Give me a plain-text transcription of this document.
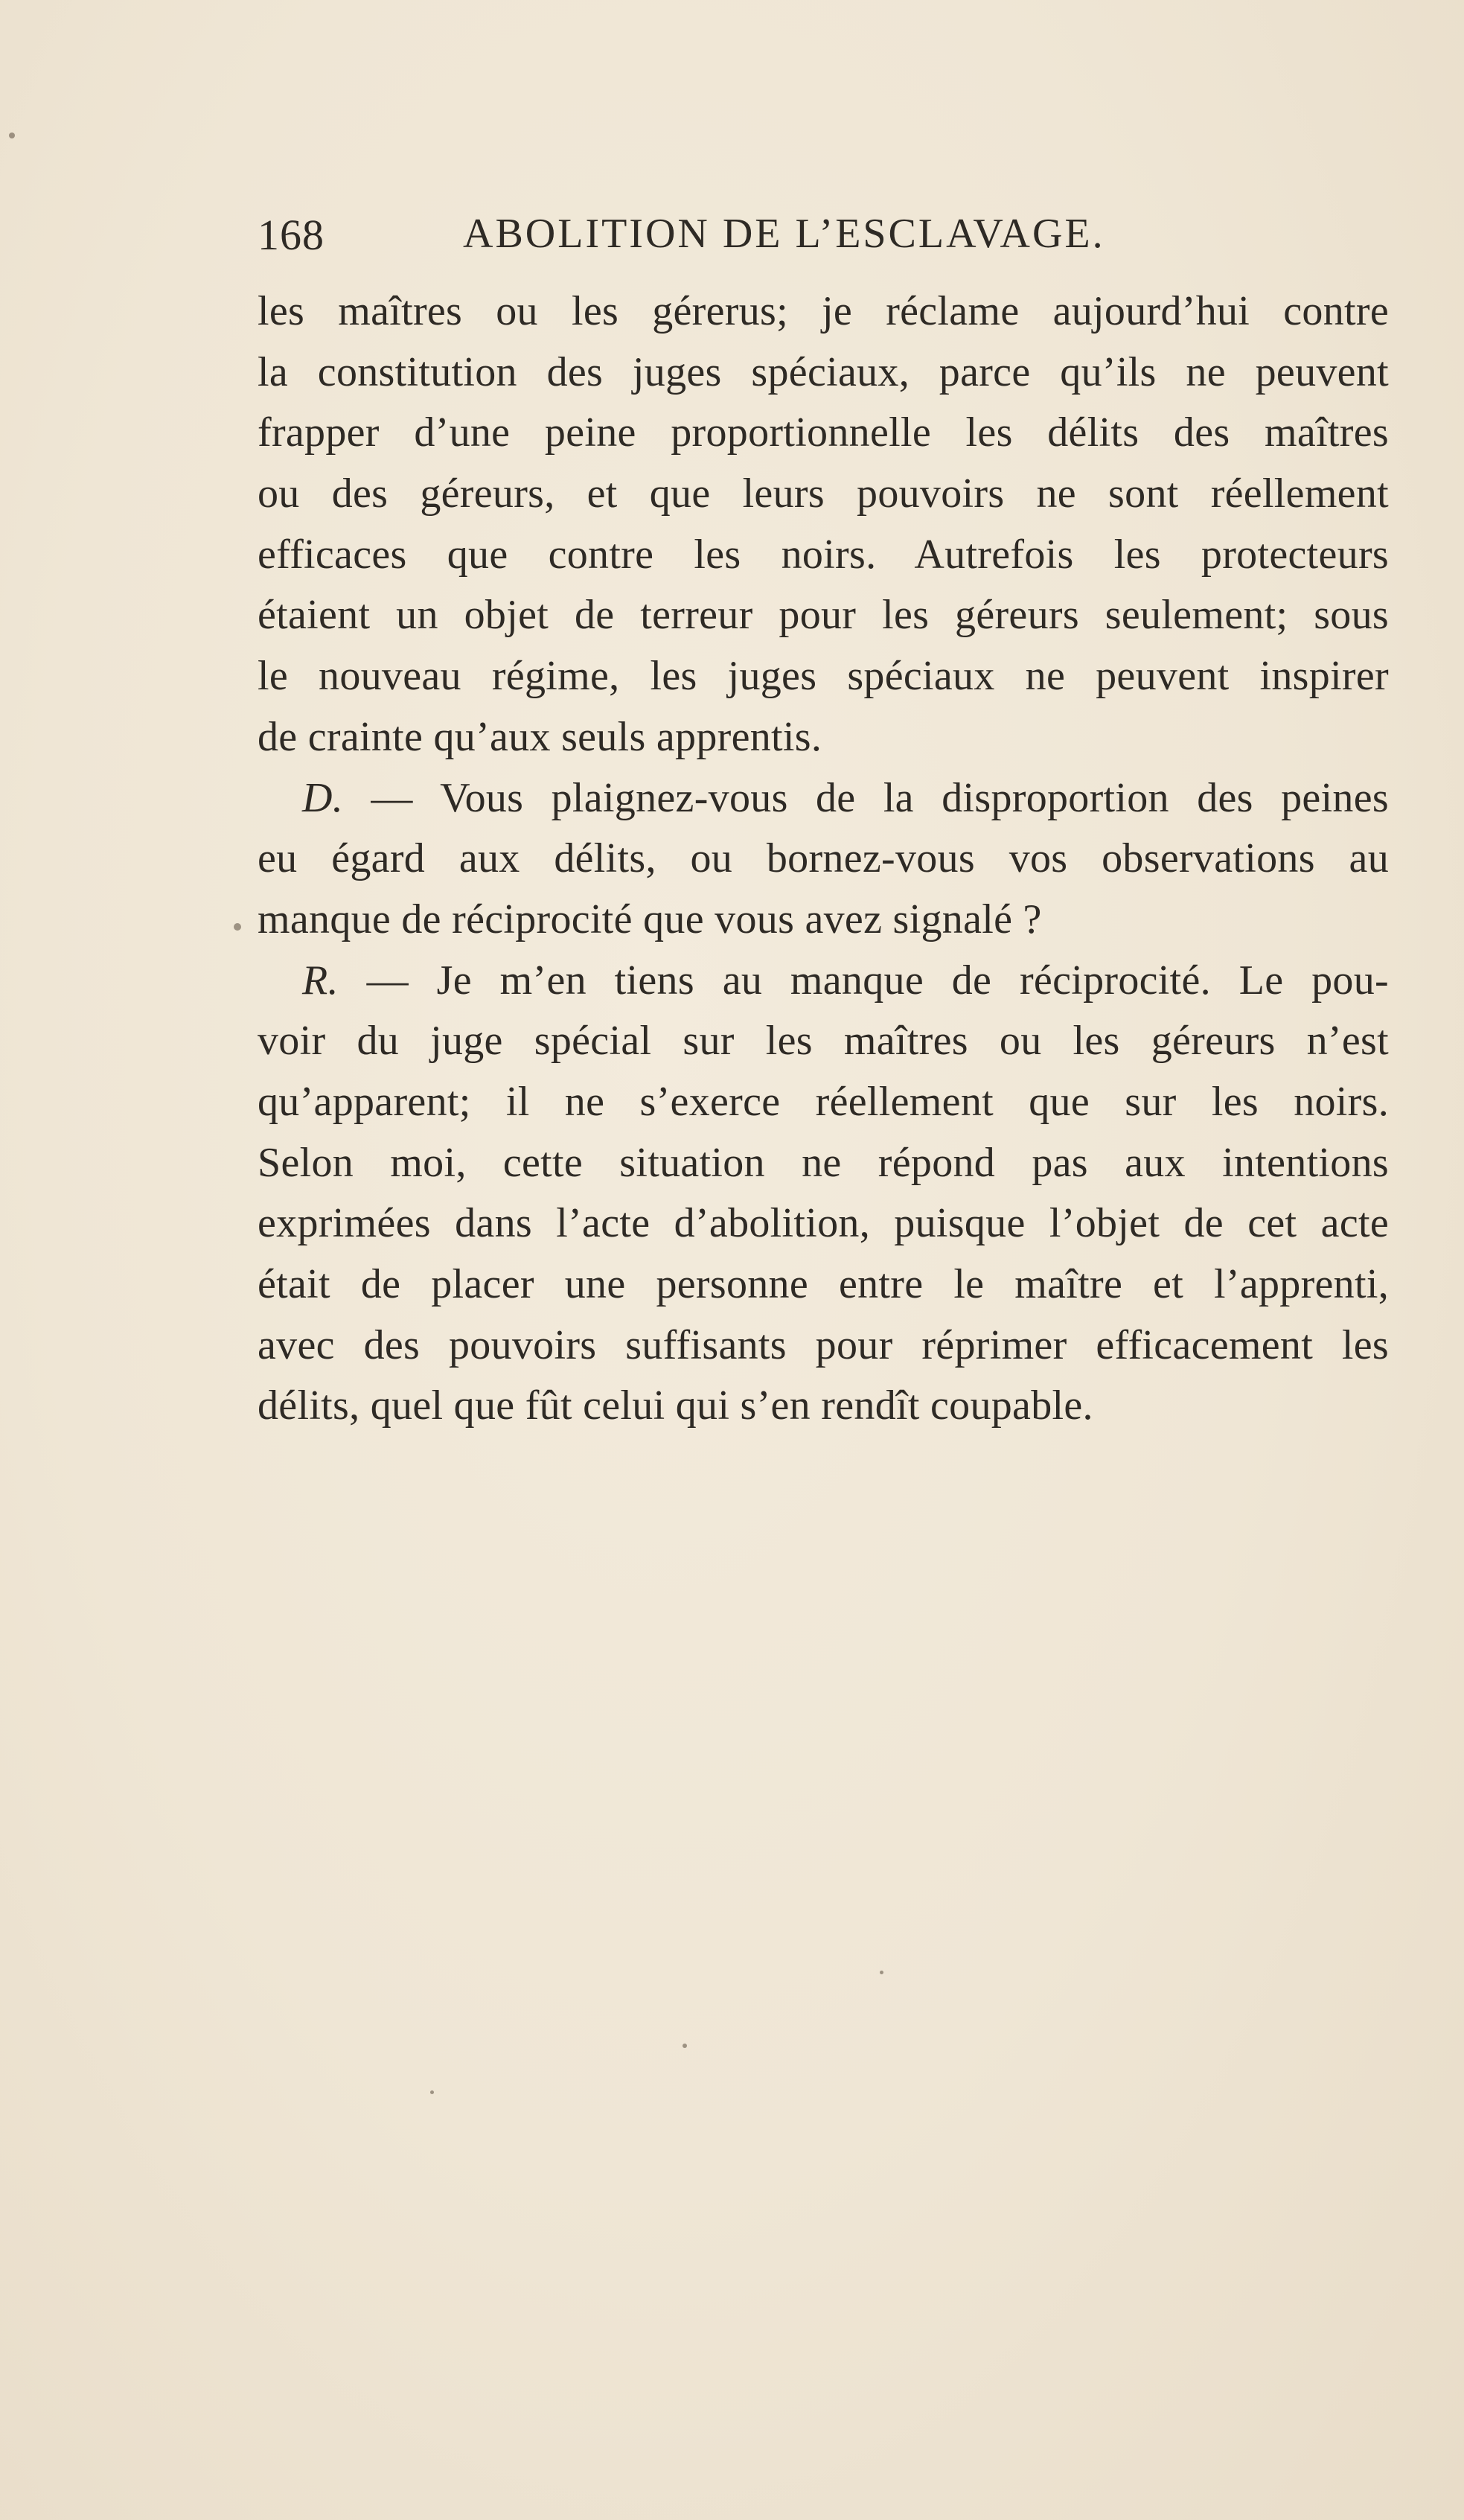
168	ABOLITION DE L’ESCLAVAGE.
les maîtres ou les gérerus; je réclame aujourd’hui contre
la constitution des juges spéciaux, parce qu’ils ne peuvent
frapper d’une peine proportionnelle les délits des maîtres
ou des géreurs, et que leurs pouvoirs ne sont réellement
efficaces que contre les noirs. Autrefois les protecteurs
étaient un objet de terreur pour les géreurs seulement; sous
le nouveau régime, les juges spéciaux ne peuvent inspirer
de crainte qu’aux seuls apprentis.
D. — Vous plaignez-vous de la disproportion des peines
eu égard aux délits, ou bornez-vous vos observations au
manque de réciprocité que vous avez signalé ?
R. — Je m’en tiens au manque de réciprocité. Le pou-
voir du juge spécial sur les maîtres ou les géreurs n’est
qu’apparent; il ne s’exerce réellement que sur les noirs.
Selon moi, cette situation ne répond pas aux intentions
exprimées dans l’acte d’abolition, puisque l’objet de cet acte
était de placer une personne entre le maître et l’apprenti,
avec des pouvoirs suffisants pour réprimer efficacement les
délits, quel que fût celui qui s’en rendît coupable.
